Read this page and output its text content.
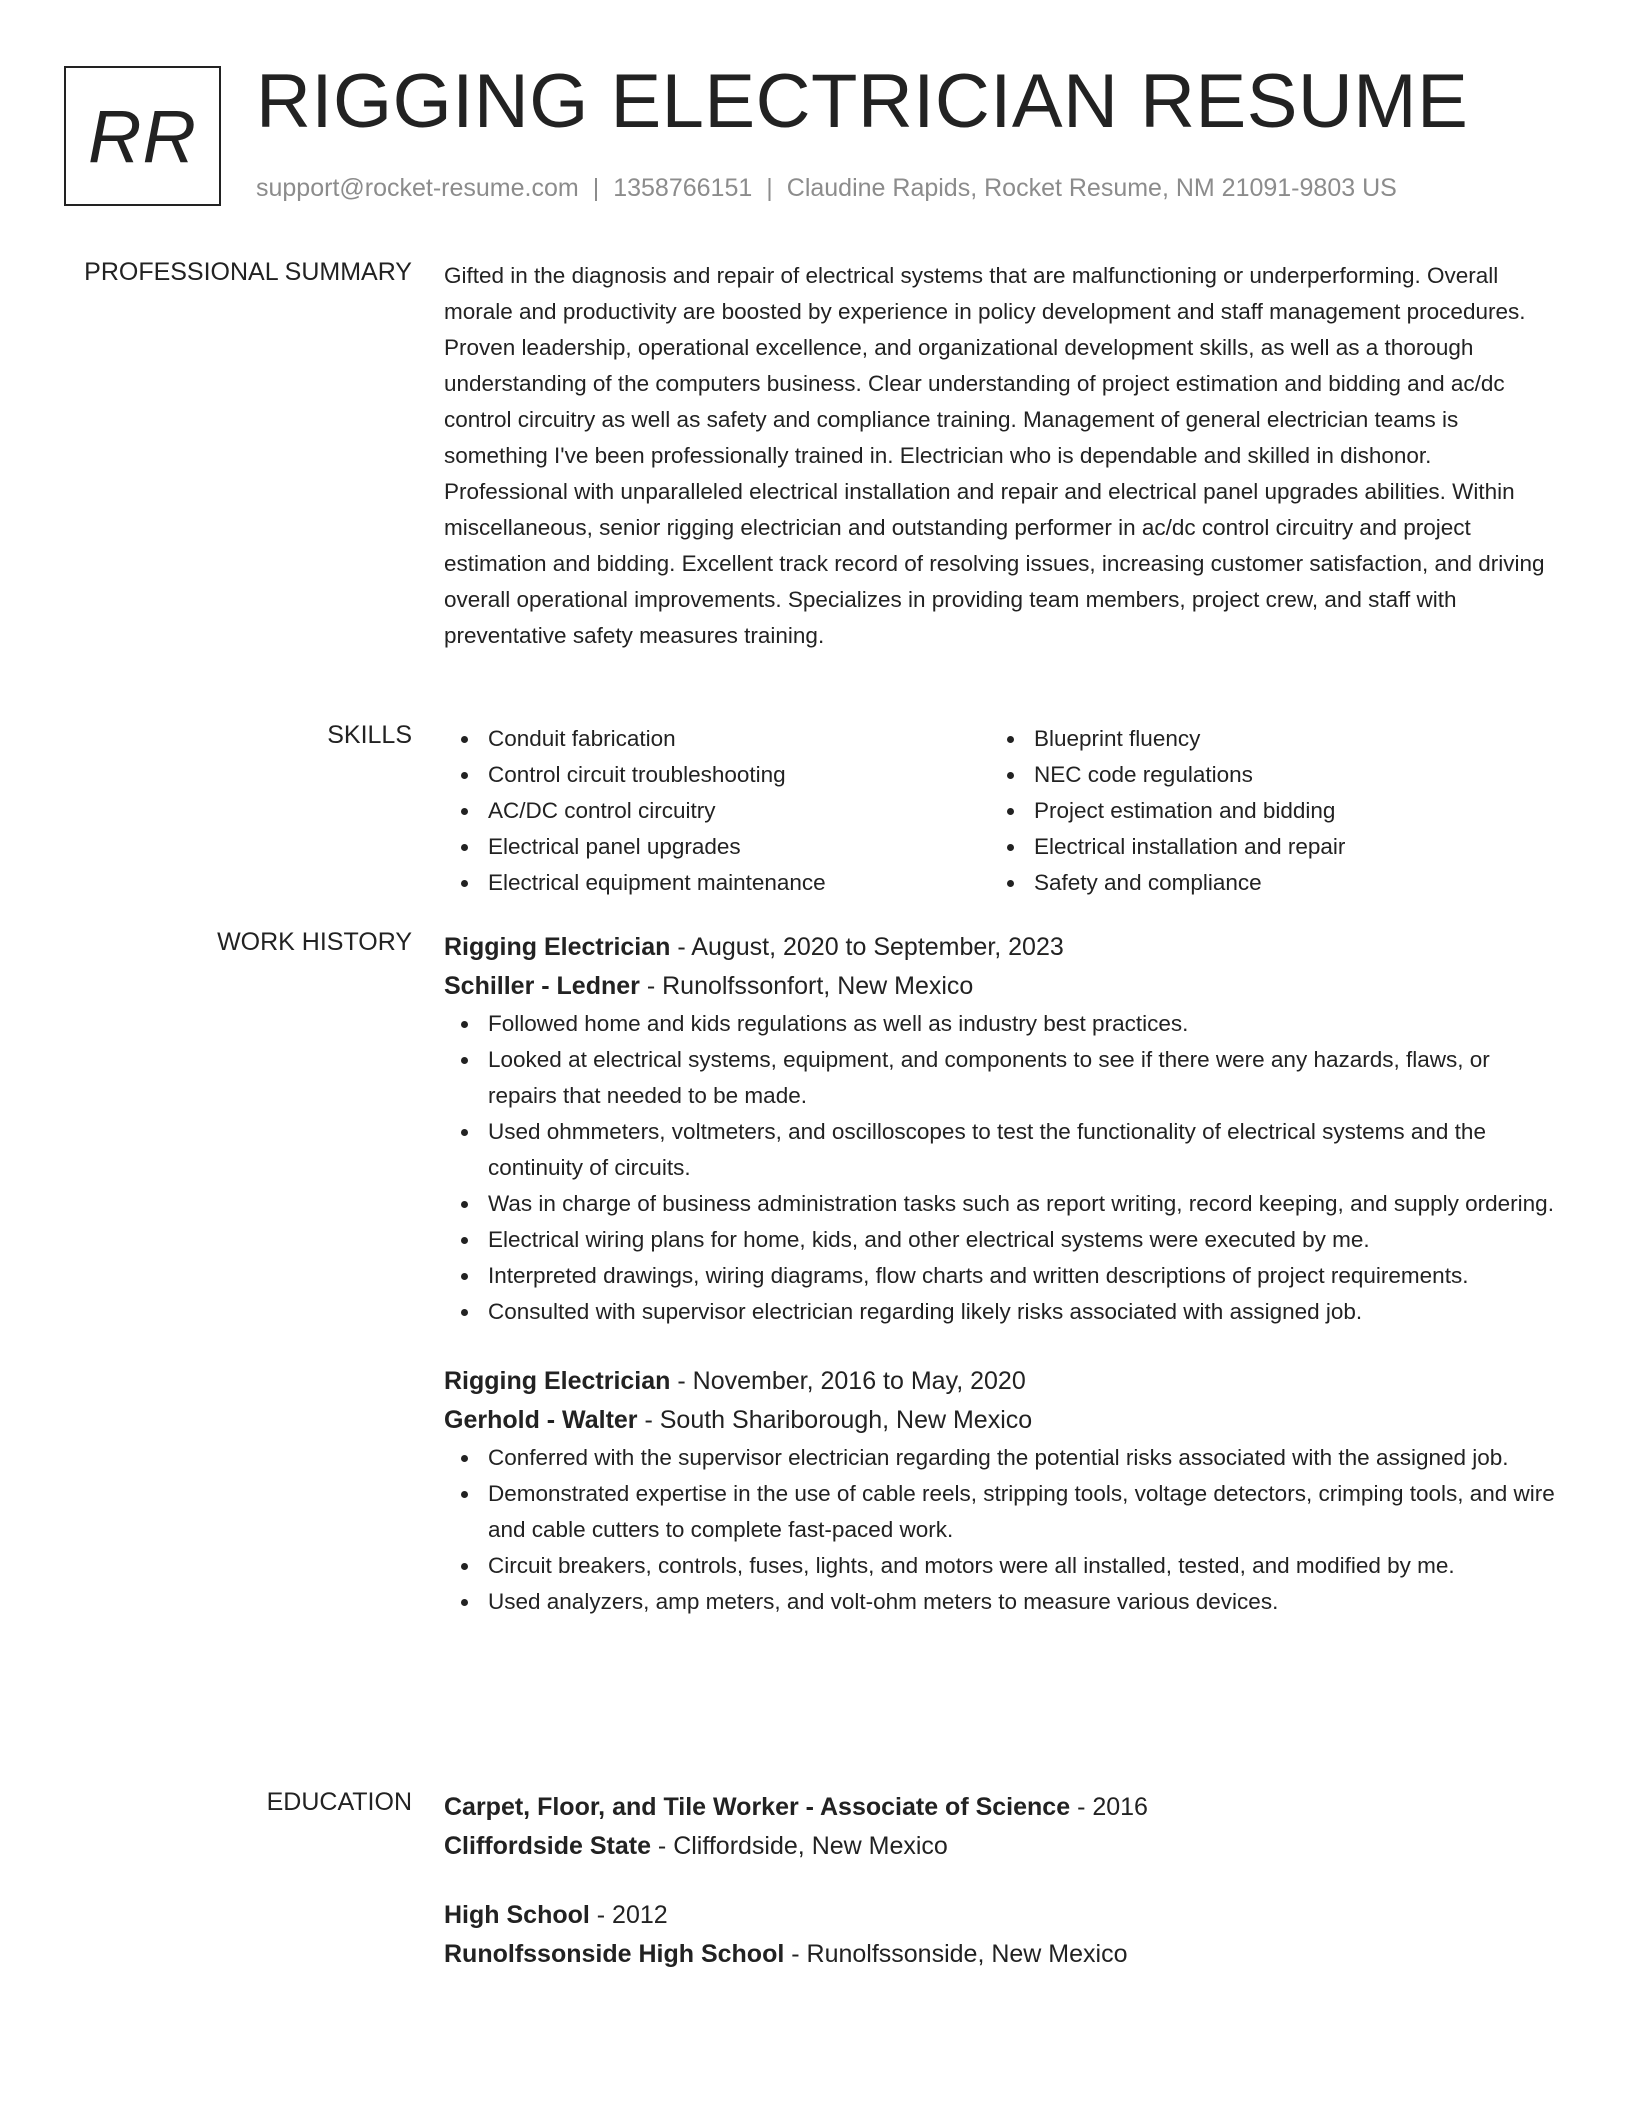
RR RIGGING ELECTRICIAN RESUME
support@rocket-resume.com | 1358766151 | Claudine Rapids, Rocket Resume, NM 21091-9803 US
PROFESSIONAL SUMMARY Gifted in the diagnosis and repair of electrical systems that are malfunctioning or underperforming. Overall morale and productivity are boosted by experience in policy development and staff management procedures. Proven leadership, operational excellence, and organizational development skills, as well as a thorough understanding of the computers business. Clear understanding of project estimation and bidding and ac/dc control circuitry as well as safety and compliance training. Management of general electrician teams is something I've been professionally trained in. Electrician who is dependable and skilled in dishonor. Professional with unparalleled electrical installation and repair and electrical panel upgrades abilities. Within miscellaneous, senior rigging electrician and outstanding performer in ac/dc control circuitry and project estimation and bidding. Excellent track record of resolving issues, increasing customer satisfaction, and driving overall operational improvements. Specializes in providing team members, project crew, and staff with preventative safety measures training.

SKILLS	Conduit fabrication
Control circuit troubleshooting
AC/DC control circuitry
Electrical panel upgrades
Electrical equipment maintenance
Blueprint fluency
NEC code regulations
Project estimation and bidding
Electrical installation and repair
Safety and compliance
WORK HISTORY Rigging Electrician - August, 2020 to September, 2023
Schiller - Ledner - Runolfssonfort, New Mexico
Followed home and kids regulations as well as industry best practices.
Looked at electrical systems, equipment, and components to see if there were any hazards, flaws, or repairs that needed to be made.
Used ohmmeters, voltmeters, and oscilloscopes to test the functionality of electrical systems and the continuity of circuits.
Was in charge of business administration tasks such as report writing, record keeping, and supply ordering.
Electrical wiring plans for home, kids, and other electrical systems were executed by me.
Interpreted drawings, wiring diagrams, flow charts and written descriptions of project requirements.
Consulted with supervisor electrician regarding likely risks associated with assigned job.
Rigging Electrician - November, 2016 to May, 2020
Gerhold - Walter - South Shariborough, New Mexico
Conferred with the supervisor electrician regarding the potential risks associated with the assigned job.
Demonstrated expertise in the use of cable reels, stripping tools, voltage detectors, crimping tools, and wire and cable cutters to complete fast-paced work.
Circuit breakers, controls, fuses, lights, and motors were all installed, tested, and modified by me.
Used analyzers, amp meters, and volt-ohm meters to measure various devices.
EDUCATION Carpet, Floor, and Tile Worker - Associate of Science - 2016
Cliffordside State - Cliffordside, New Mexico
High School - 2012
Runolfssonside High School - Runolfssonside, New Mexico
